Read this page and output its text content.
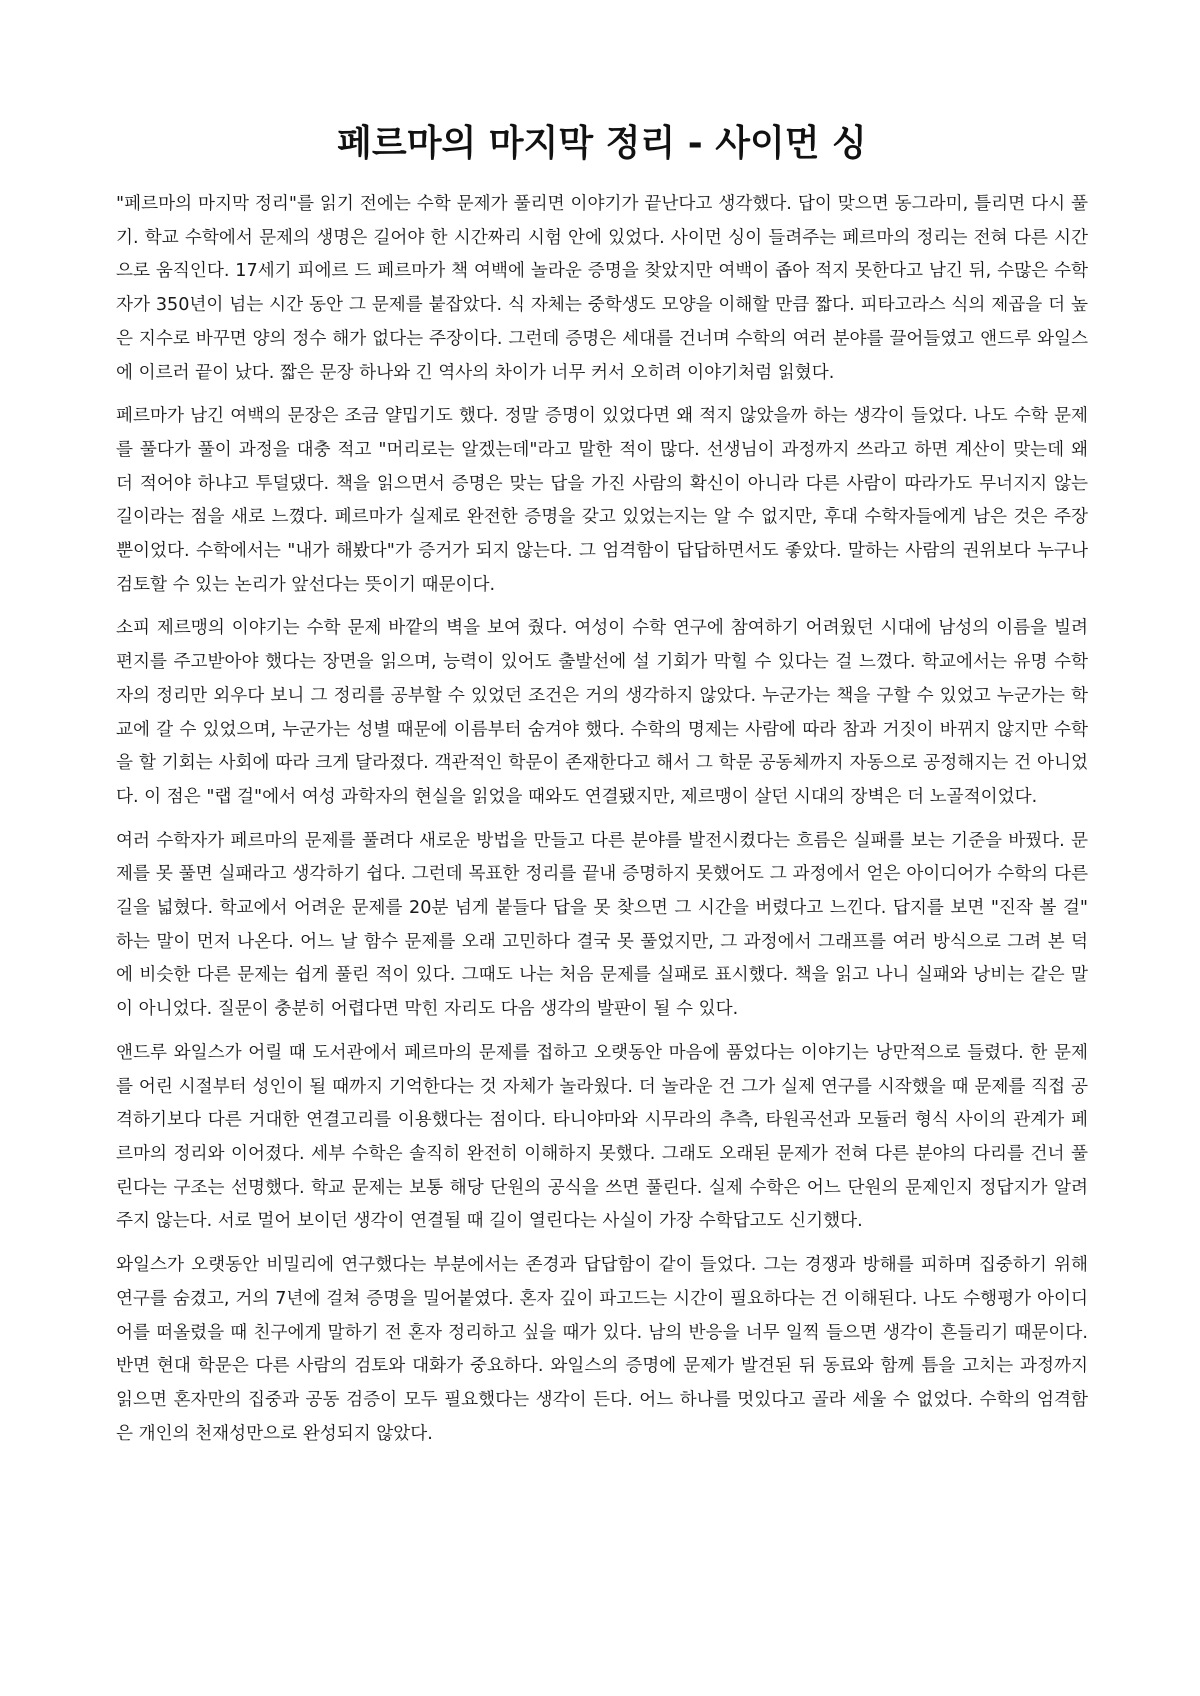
페르마의 마지막 정리 - 사이먼 싱

"페르마의 마지막 정리"를 읽기 전에는 수학 문제가 풀리면 이야기가 끝난다고 생각했다. 답이 맞으면 동그라미, 틀리면 다시 풀기. 학교 수학에서 문제의 생명은 길어야 한 시간짜리 시험 안에 있었다. 사이먼 싱이 들려주는 페르마의 정리는 전혀 다른 시간으로 움직인다. 17세기 피에르 드 페르마가 책 여백에 놀라운 증명을 찾았지만 여백이 좁아 적지 못한다고 남긴 뒤, 수많은 수학자가 350년이 넘는 시간 동안 그 문제를 붙잡았다. 식 자체는 중학생도 모양을 이해할 만큼 짧다. 피타고라스 식의 제곱을 더 높은 지수로 바꾸면 양의 정수 해가 없다는 주장이다. 그런데 증명은 세대를 건너며 수학의 여러 분야를 끌어들였고 앤드루 와일스에 이르러 끝이 났다. 짧은 문장 하나와 긴 역사의 차이가 너무 커서 오히려 이야기처럼 읽혔다.

페르마가 남긴 여백의 문장은 조금 얄밉기도 했다. 정말 증명이 있었다면 왜 적지 않았을까 하는 생각이 들었다. 나도 수학 문제를 풀다가 풀이 과정을 대충 적고 "머리로는 알겠는데"라고 말한 적이 많다. 선생님이 과정까지 쓰라고 하면 계산이 맞는데 왜 더 적어야 하냐고 투덜댔다. 책을 읽으면서 증명은 맞는 답을 가진 사람의 확신이 아니라 다른 사람이 따라가도 무너지지 않는 길이라는 점을 새로 느꼈다. 페르마가 실제로 완전한 증명을 갖고 있었는지는 알 수 없지만, 후대 수학자들에게 남은 것은 주장뿐이었다. 수학에서는 "내가 해봤다"가 증거가 되지 않는다. 그 엄격함이 답답하면서도 좋았다. 말하는 사람의 권위보다 누구나 검토할 수 있는 논리가 앞선다는 뜻이기 때문이다.

소피 제르맹의 이야기는 수학 문제 바깥의 벽을 보여 줬다. 여성이 수학 연구에 참여하기 어려웠던 시대에 남성의 이름을 빌려 편지를 주고받아야 했다는 장면을 읽으며, 능력이 있어도 출발선에 설 기회가 막힐 수 있다는 걸 느꼈다. 학교에서는 유명 수학자의 정리만 외우다 보니 그 정리를 공부할 수 있었던 조건은 거의 생각하지 않았다. 누군가는 책을 구할 수 있었고 누군가는 학교에 갈 수 있었으며, 누군가는 성별 때문에 이름부터 숨겨야 했다. 수학의 명제는 사람에 따라 참과 거짓이 바뀌지 않지만 수학을 할 기회는 사회에 따라 크게 달라졌다. 객관적인 학문이 존재한다고 해서 그 학문 공동체까지 자동으로 공정해지는 건 아니었다. 이 점은 "랩 걸"에서 여성 과학자의 현실을 읽었을 때와도 연결됐지만, 제르맹이 살던 시대의 장벽은 더 노골적이었다.

여러 수학자가 페르마의 문제를 풀려다 새로운 방법을 만들고 다른 분야를 발전시켰다는 흐름은 실패를 보는 기준을 바꿨다. 문제를 못 풀면 실패라고 생각하기 쉽다. 그런데 목표한 정리를 끝내 증명하지 못했어도 그 과정에서 얻은 아이디어가 수학의 다른 길을 넓혔다. 학교에서 어려운 문제를 20분 넘게 붙들다 답을 못 찾으면 그 시간을 버렸다고 느낀다. 답지를 보면 "진작 볼 걸" 하는 말이 먼저 나온다. 어느 날 함수 문제를 오래 고민하다 결국 못 풀었지만, 그 과정에서 그래프를 여러 방식으로 그려 본 덕에 비슷한 다른 문제는 쉽게 풀린 적이 있다. 그때도 나는 처음 문제를 실패로 표시했다. 책을 읽고 나니 실패와 낭비는 같은 말이 아니었다. 질문이 충분히 어렵다면 막힌 자리도 다음 생각의 발판이 될 수 있다.

앤드루 와일스가 어릴 때 도서관에서 페르마의 문제를 접하고 오랫동안 마음에 품었다는 이야기는 낭만적으로 들렸다. 한 문제를 어린 시절부터 성인이 될 때까지 기억한다는 것 자체가 놀라웠다. 더 놀라운 건 그가 실제 연구를 시작했을 때 문제를 직접 공격하기보다 다른 거대한 연결고리를 이용했다는 점이다. 타니야마와 시무라의 추측, 타원곡선과 모듈러 형식 사이의 관계가 페르마의 정리와 이어졌다. 세부 수학은 솔직히 완전히 이해하지 못했다. 그래도 오래된 문제가 전혀 다른 분야의 다리를 건너 풀린다는 구조는 선명했다. 학교 문제는 보통 해당 단원의 공식을 쓰면 풀린다. 실제 수학은 어느 단원의 문제인지 정답지가 알려주지 않는다. 서로 멀어 보이던 생각이 연결될 때 길이 열린다는 사실이 가장 수학답고도 신기했다.

와일스가 오랫동안 비밀리에 연구했다는 부분에서는 존경과 답답함이 같이 들었다. 그는 경쟁과 방해를 피하며 집중하기 위해 연구를 숨겼고, 거의 7년에 걸쳐 증명을 밀어붙였다. 혼자 깊이 파고드는 시간이 필요하다는 건 이해된다. 나도 수행평가 아이디어를 떠올렸을 때 친구에게 말하기 전 혼자 정리하고 싶을 때가 있다. 남의 반응을 너무 일찍 들으면 생각이 흔들리기 때문이다. 반면 현대 학문은 다른 사람의 검토와 대화가 중요하다. 와일스의 증명에 문제가 발견된 뒤 동료와 함께 틈을 고치는 과정까지 읽으면 혼자만의 집중과 공동 검증이 모두 필요했다는 생각이 든다. 어느 하나를 멋있다고 골라 세울 수 없었다. 수학의 엄격함은 개인의 천재성만으로 완성되지 않았다.
